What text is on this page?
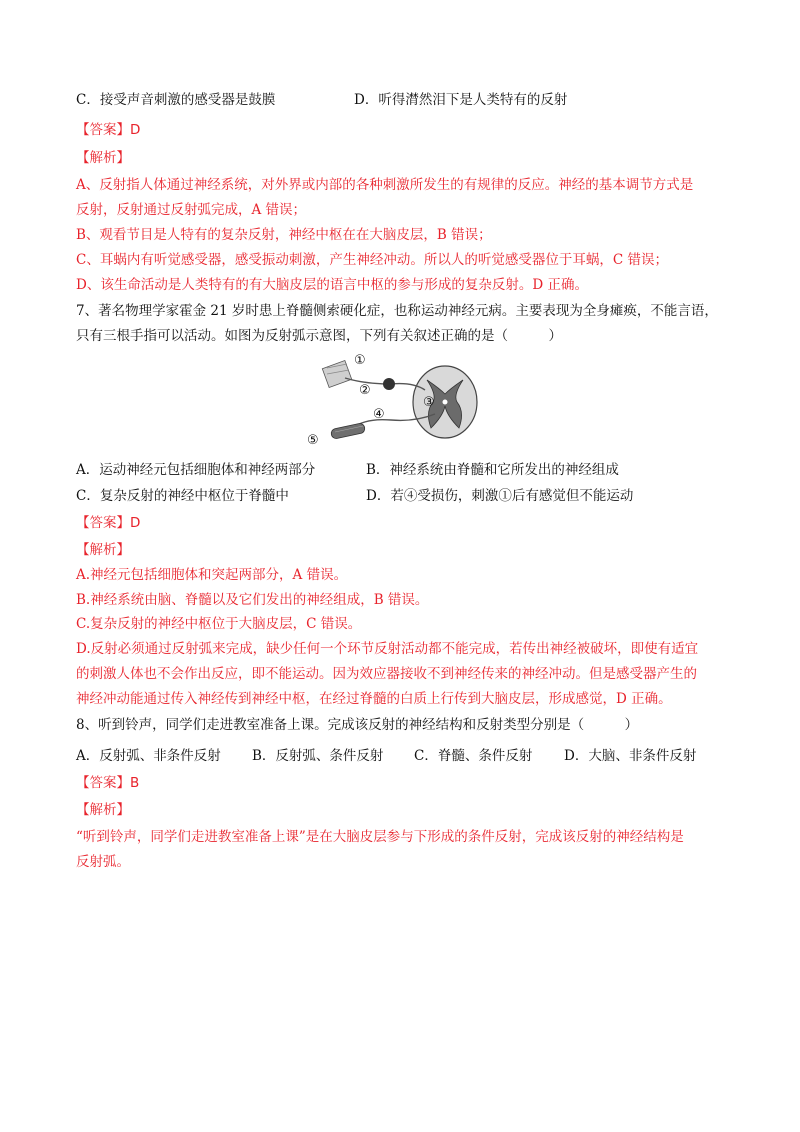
C．接受声音刺激的感受器是鼓膜	D．听得潸然泪下是人类特有的反射
【答案】D
【解析】
A、反射指人体通过神经系统，对外界或内部的各种刺激所发生的有规律的反应。神经的基本调节方式是
反射，反射通过反射弧完成，A 错误；
B、观看节目是人特有的复杂反射，神经中枢在在大脑皮层，B 错误；
C、耳蜗内有听觉感受器，感受振动刺激，产生神经冲动。所以人的听觉感受器位于耳蜗，C 错误；
D、该生命活动是人类特有的有大脑皮层的语言中枢的参与形成的复杂反射。D 正确。
7、著名物理学家霍金 21 岁时患上脊髓侧索硬化症，也称运动神经元病。主要表现为全身瘫痪，不能言语，
只有三根手指可以活动。如图为反射弧示意图，下列有关叙述正确的是（　　　）
①
②
③
④
⑤
A．运动神经元包括细胞体和神经两部分	B．神经系统由脊髓和它所发出的神经组成
C．复杂反射的神经中枢位于脊髓中	D．若④受损伤，刺激①后有感觉但不能运动
【答案】D
【解析】
A.神经元包括细胞体和突起两部分，A 错误。
B.神经系统由脑、脊髓以及它们发出的神经组成，B 错误。
C.复杂反射的神经中枢位于大脑皮层，C 错误。
D.反射必须通过反射弧来完成，缺少任何一个环节反射活动都不能完成，若传出神经被破坏，即使有适宜
的刺激人体也不会作出反应，即不能运动。因为效应器接收不到神经传来的神经冲动。但是感受器产生的
神经冲动能通过传入神经传到神经中枢，在经过脊髓的白质上行传到大脑皮层，形成感觉，D 正确。
8、听到铃声，同学们走进教室准备上课。完成该反射的神经结构和反射类型分别是（　　　）
A．反射弧、非条件反射 B．反射弧、条件反射 C．脊髓、条件反射 D．大脑、非条件反射
【答案】B
【解析】
“听到铃声，同学们走进教室准备上课”是在大脑皮层参与下形成的条件反射，完成该反射的神经结构是
反射弧。
